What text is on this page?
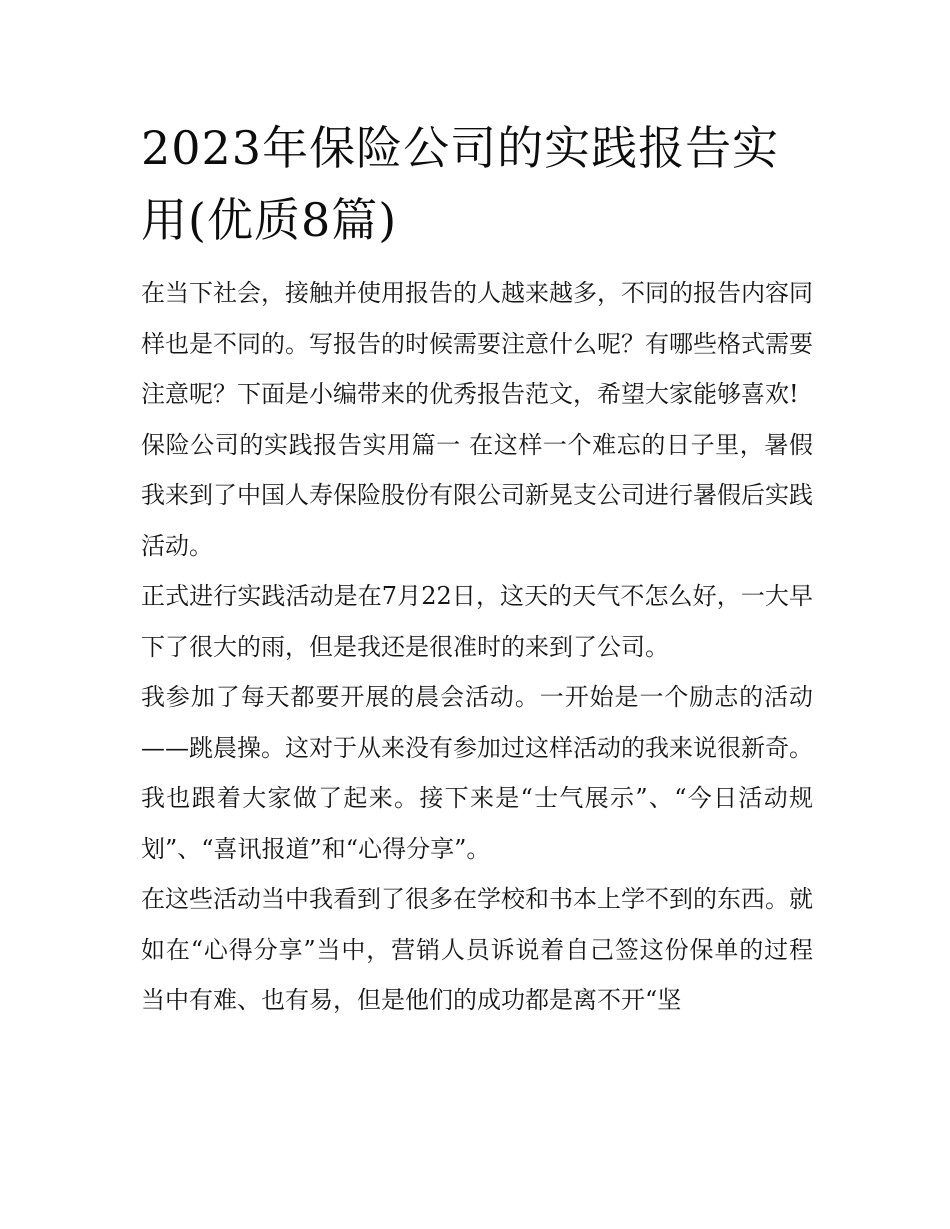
2023年保险公司的实践报告实用(优质8篇)

在当下社会，接触并使用报告的人越来越多，不同的报告内容同样也是不同的。写报告的时候需要注意什么呢？有哪些格式需要注意呢？下面是小编带来的优秀报告范文，希望大家能够喜欢!

保险公司的实践报告实用篇一 在这样一个难忘的日子里，暑假我来到了中国人寿保险股份有限公司新晃支公司进行暑假后实践活动。

正式进行实践活动是在7月22日，这天的天气不怎么好，一大早下了很大的雨，但是我还是很准时的来到了公司。

我参加了每天都要开展的晨会活动。一开始是一个励志的活动——跳晨操。这对于从来没有参加过这样活动的我来说很新奇。我也跟着大家做了起来。接下来是“士气展示”、“今日活动规划”、“喜讯报道”和“心得分享”。

在这些活动当中我看到了很多在学校和书本上学不到的东西。就如在“心得分享”当中，营销人员诉说着自己签这份保单的过程当中有难、也有易，但是他们的成功都是离不开“坚
